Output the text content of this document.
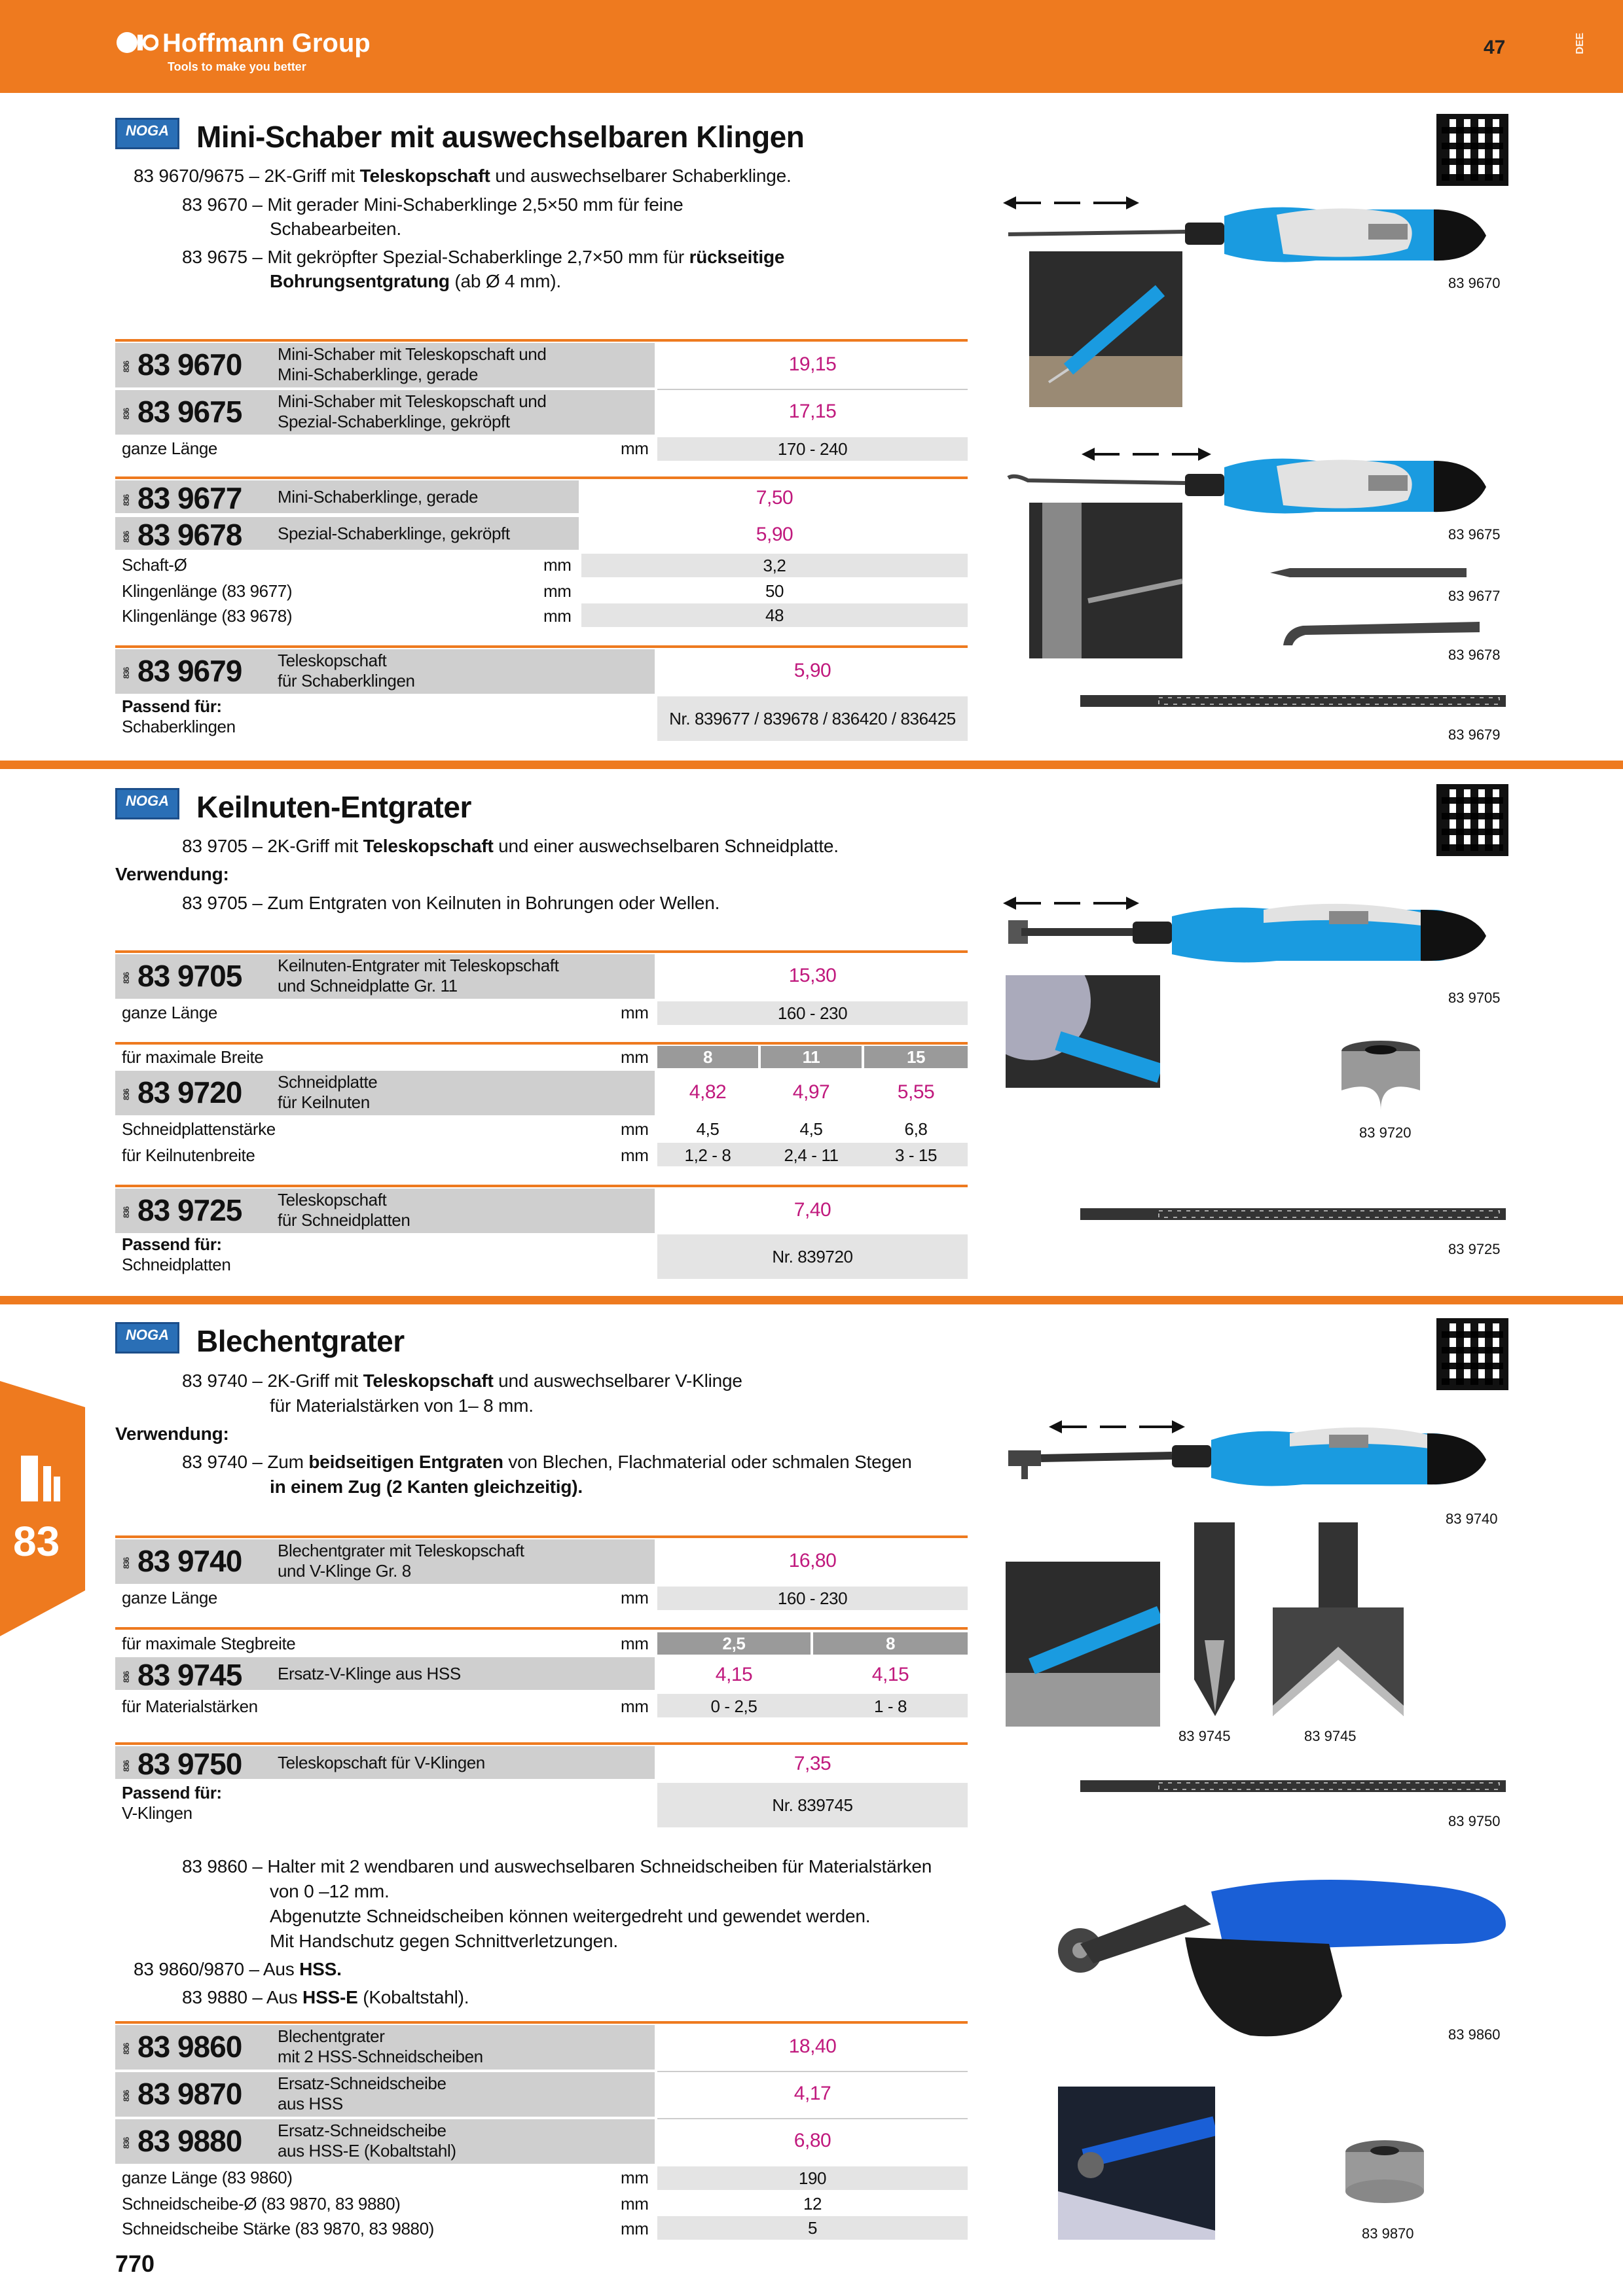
Hoffmann Group
Tools to make you better
47	DEE
83
NOGA
Mini-Schaber mit auswechselbaren Klingen
83 9670/9675 – 2K-Griff mit Teleskopschaft und auswechselbarer Schaberklinge.
83 9670 – Mit gerader Mini-Schaberklinge 2,5×50 mm für feine
Schabearbeiten.
83 9675 – Mit gekröpfter Spezial-Schaberklinge 2,7×50 mm für rückseitige
Bohrungsentgratung (ab Ø 4 mm).
836 83 9670 Mini-Schaber mit Teleskopschaft und
Mini-Schaberklinge, gerade	19,15
836 83 9675 Mini-Schaber mit Teleskopschaft und
Spezial-Schaberklinge, gekröpft	17,15
ganze Länge	mm	170 - 240
836 83 9677 Mini-Schaberklinge, gerade	7,50
836 83 9678 Spezial-Schaberklinge, gekröpft	5,90
Schaft-Ø	mm	3,2
Klingenlänge (83 9677)	mm	50
Klingenlänge (83 9678)	mm	48
836 83 9679 Teleskopschaft
für Schaberklingen	5,90
Passend für:
Schaberklingen	Nr. 839677 / 839678 / 836420 / 836425
83 9670
83 9675
83 9677
83 9678
83 9679
NOGA
Keilnuten-Entgrater
83 9705 – 2K-Griff mit Teleskopschaft und einer auswechselbaren Schneidplatte.
Verwendung:
83 9705 – Zum Entgraten von Keilnuten in Bohrungen oder Wellen.
836 83 9705 Keilnuten-Entgrater mit Teleskopschaft
und Schneidplatte Gr. 11	15,30
ganze Länge	mm	160 - 230
für maximale Breite	mm	8	11	15
836 83 9720 Schneidplatte
für Keilnuten	4,82	4,97	5,55
Schneidplattenstärke	mm	4,5	4,5	6,8
für Keilnutenbreite	mm	1,2 - 8	2,4 - 11	3 - 15
836 83 9725 Teleskopschaft
für Schneidplatten	7,40
Passend für:
Schneidplatten	Nr. 839720
83 9705
83 9720
83 9725
NOGA
Blechentgrater
83 9740 – 2K-Griff mit Teleskopschaft und auswechselbarer V-Klinge
für Materialstärken von 1– 8 mm.
Verwendung:
83 9740 – Zum beidseitigen Entgraten von Blechen, Flachmaterial oder schmalen Stegen
in einem Zug (2 Kanten gleichzeitig).
836 83 9740 Blechentgrater mit Teleskopschaft
und V-Klinge Gr. 8	16,80
ganze Länge	mm	160 - 230
für maximale Stegbreite	mm	2,5	8
836 83 9745 Ersatz-V-Klinge aus HSS	4,15	4,15
für Materialstärken	mm	0 - 2,5	1 - 8
836 83 9750 Teleskopschaft für V-Klingen	7,35
Passend für:
V-Klingen	Nr. 839745
83 9860 – Halter mit 2 wendbaren und auswechselbaren Schneidscheiben für Materialstärken
von 0 –12 mm.
Abgenutzte Schneidscheiben können weitergedreht und gewendet werden.
Mit Handschutz gegen Schnittverletzungen.
83 9860/9870 – Aus HSS.
83 9880 – Aus HSS-E (Kobaltstahl).
836 83 9860 Blechentgrater
mit 2 HSS-Schneidscheiben	18,40
836 83 9870 Ersatz-Schneidscheibe
aus HSS	4,17
836 83 9880 Ersatz-Schneidscheibe
aus HSS-E (Kobaltstahl)	6,80
ganze Länge (83 9860)	mm	190
Schneidscheibe-Ø (83 9870, 83 9880)	mm	12
Schneidscheibe Stärke (83 9870, 83 9880)	mm	5
83 9740
83 9745	83 9745
83 9750
83 9860
83 9870
770
